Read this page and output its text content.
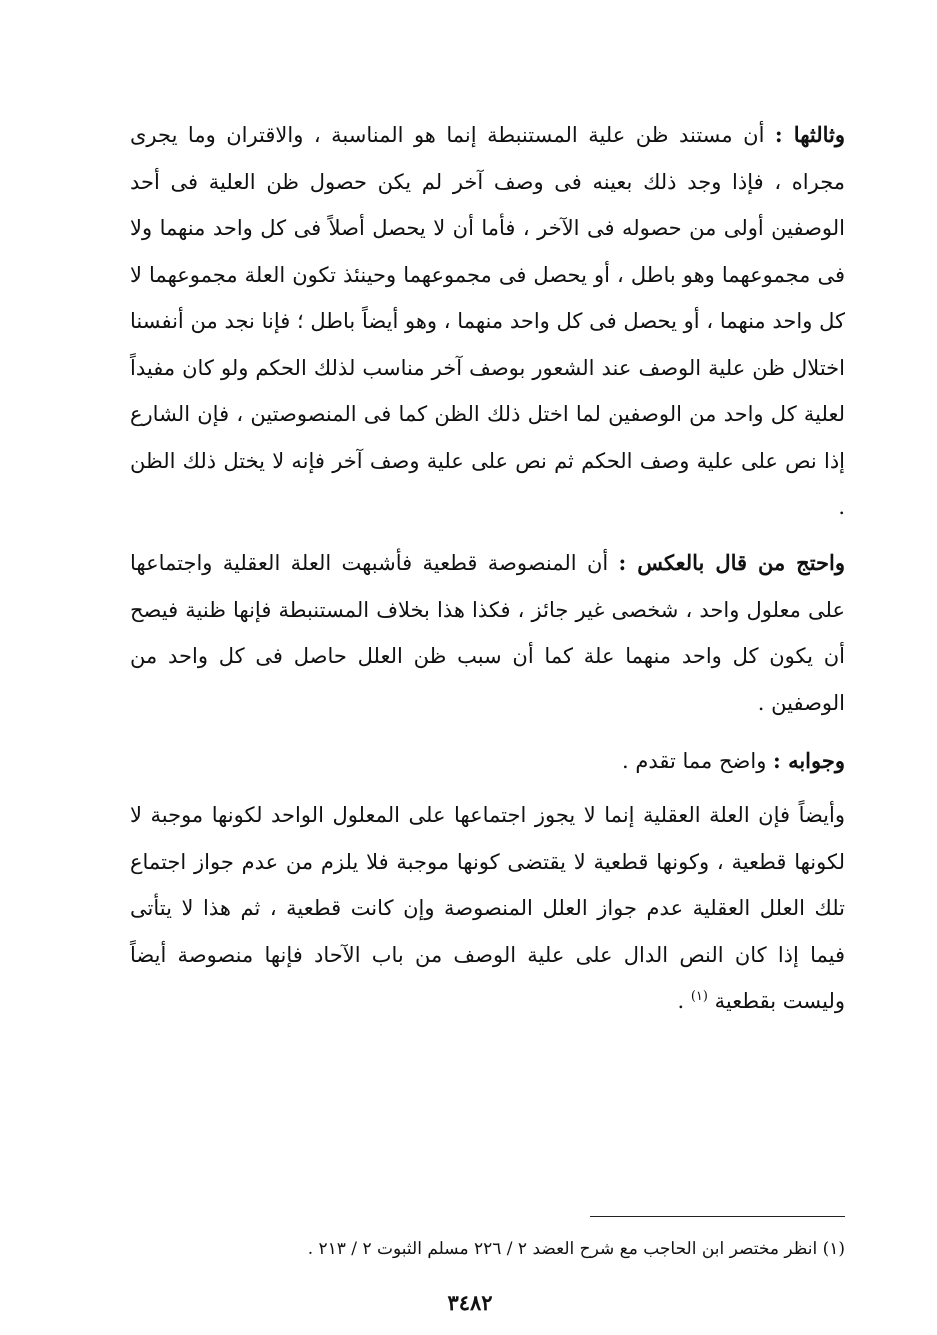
وثالثها : أن مستند ظن علية المستنبطة إنما هو المناسبة ، والاقتران وما يجرى مجراه ، فإذا وجد ذلك بعينه فى وصف آخر لم يكن حصول ظن العلية فى أحد الوصفين أولى من حصوله فى الآخر ، فأما أن لا يحصل أصلاً فى كل واحد منهما ولا فى مجموعهما وهو باطل ، أو يحصل فى مجموعهما وحينئذ تكون العلة مجموعهما لا كل واحد منهما ، أو يحصل فى كل واحد منهما ، وهو أيضاً باطل ؛ فإنا نجد من أنفسنا اختلال ظن علية الوصف عند الشعور بوصف آخر مناسب لذلك الحكم ولو كان مفيداً لعلية كل واحد من الوصفين لما اختل ذلك الظن كما فى المنصوصتين ، فإن الشارع إذا نص على علية وصف الحكم ثم نص على علية وصف آخر فإنه لا يختل ذلك الظن .

واحتج من قال بالعكس : أن المنصوصة قطعية فأشبهت العلة العقلية واجتماعها على معلول واحد ، شخصى غير جائز ، فكذا هذا بخلاف المستنبطة فإنها ظنية فيصح أن يكون كل واحد منهما علة كما أن سبب ظن العلل حاصل فى كل واحد من الوصفين .

وجوابه : واضح مما تقدم .

وأيضاً فإن العلة العقلية إنما لا يجوز اجتماعها على المعلول الواحد لكونها موجبة لا لكونها قطعية ، وكونها قطعية لا يقتضى كونها موجبة فلا يلزم من عدم جواز اجتماع تلك العلل العقلية عدم جواز العلل المنصوصة وإن كانت قطعية ، ثم هذا لا يتأتى فيما إذا كان النص الدال على علية الوصف من باب الآحاد فإنها منصوصة أيضاً وليست بقطعية $^{(١)}$ .

(١) انظر مختصر ابن الحاجب مع شرح العضد ٢ / ٢٢٦ مسلم الثبوت ٢ / ٢١٣ .

٣٤٨٢
